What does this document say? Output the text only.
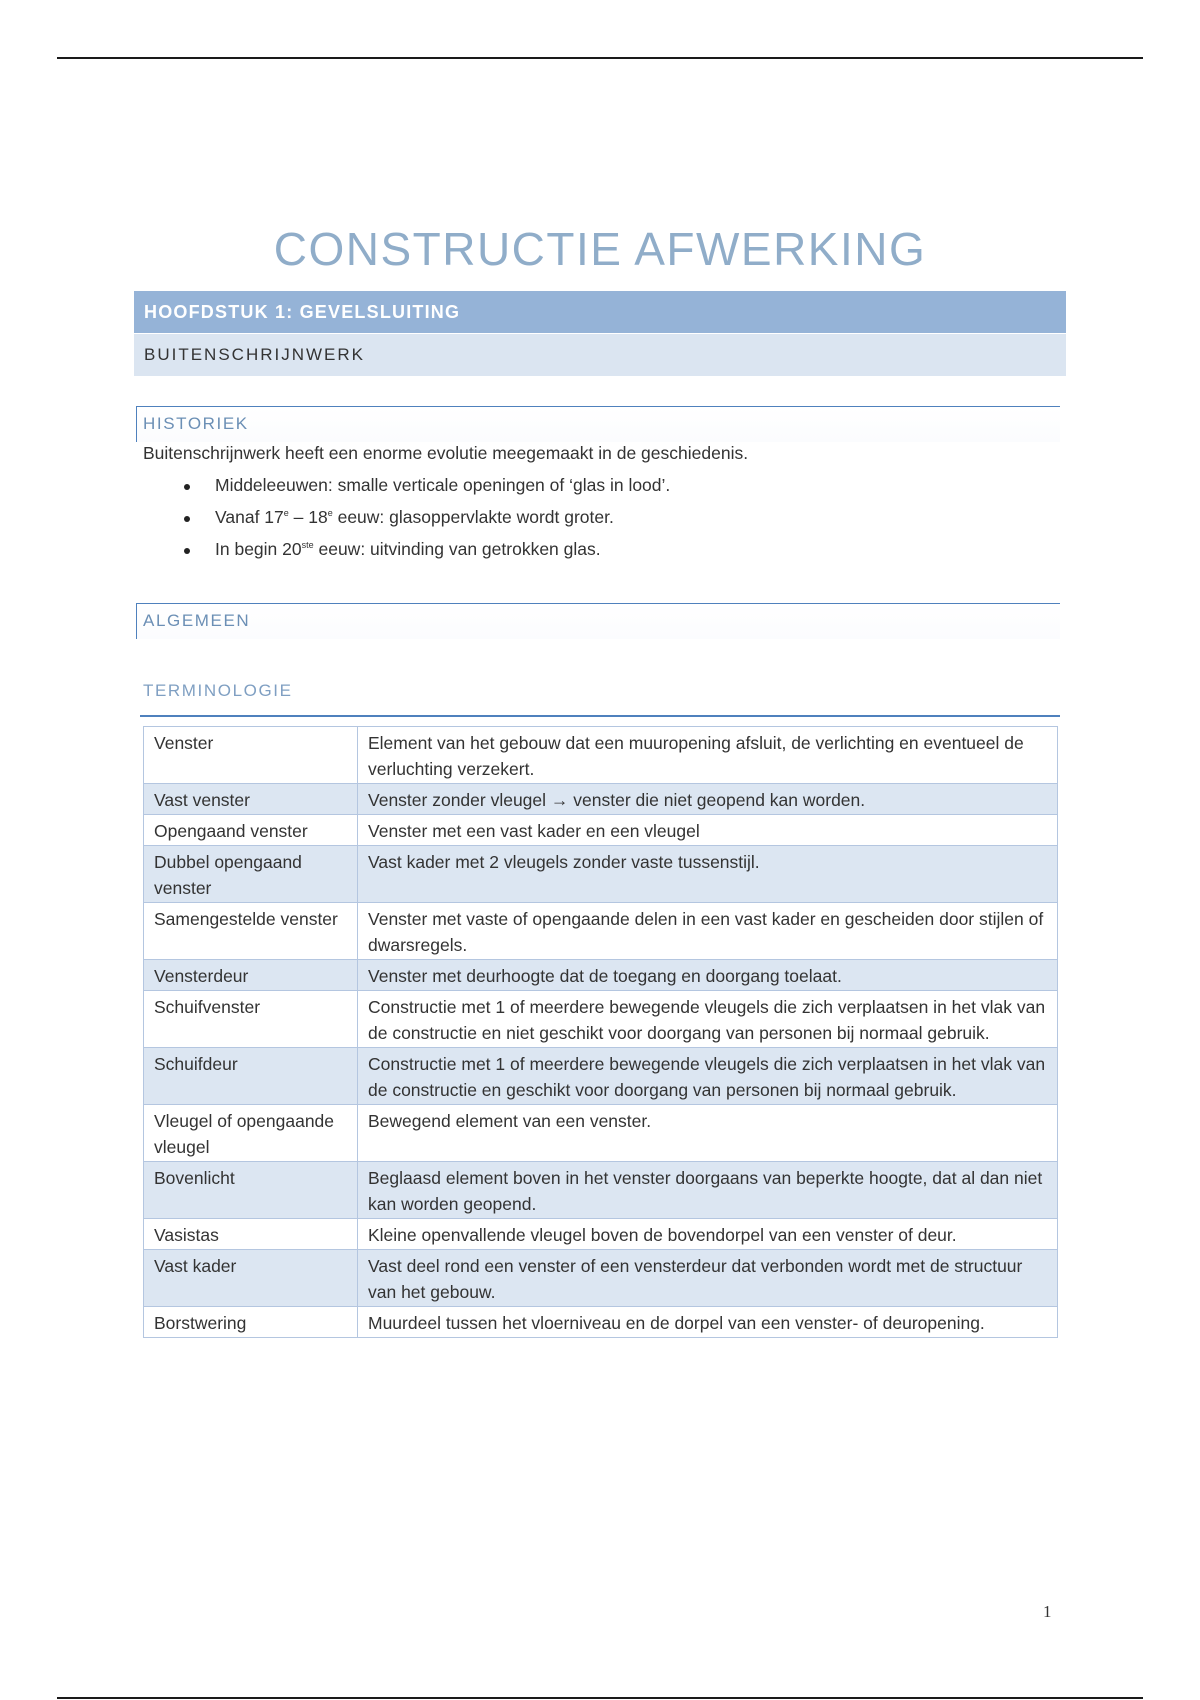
CONSTRUCTIE AFWERKING
HOOFDSTUK 1: GEVELSLUITING
BUITENSCHRIJNWERK
HISTORIEK
Buitenschrijnwerk heeft een enorme evolutie meegemaakt in de geschiedenis.
Middeleeuwen: smalle verticale openingen of ‘glas in lood’.
Vanaf 17e – 18e eeuw: glasoppervlakte wordt groter.
In begin 20ste eeuw: uitvinding van getrokken glas.
ALGEMEEN
TERMINOLOGIE
Venster	Element van het gebouw dat een muuropening afsluit, de verlichting en eventueel de verluchting verzekert.
Vast venster	Venster zonder vleugel → venster die niet geopend kan worden.
Opengaand venster	Venster met een vast kader en een vleugel
Dubbel opengaand venster	Vast kader met 2 vleugels zonder vaste tussenstijl.
Samengestelde venster	Venster met vaste of opengaande delen in een vast kader en gescheiden door stijlen of dwarsregels.
Vensterdeur	Venster met deurhoogte dat de toegang en doorgang toelaat.
Schuifvenster	Constructie met 1 of meerdere bewegende vleugels die zich verplaatsen in het vlak van de constructie en niet geschikt voor doorgang van personen bij normaal gebruik.
Schuifdeur	Constructie met 1 of meerdere bewegende vleugels die zich verplaatsen in het vlak van de constructie en geschikt voor doorgang van personen bij normaal gebruik.
Vleugel of opengaande vleugel	Bewegend element van een venster.
Bovenlicht	Beglaasd element boven in het venster doorgaans van beperkte hoogte, dat al dan niet kan worden geopend.
Vasistas	Kleine openvallende vleugel boven de bovendorpel van een venster of deur.
Vast kader	Vast deel rond een venster of een vensterdeur dat verbonden wordt met de structuur van het gebouw.
Borstwering	Muurdeel tussen het vloerniveau en de dorpel van een venster- of deuropening.
1
